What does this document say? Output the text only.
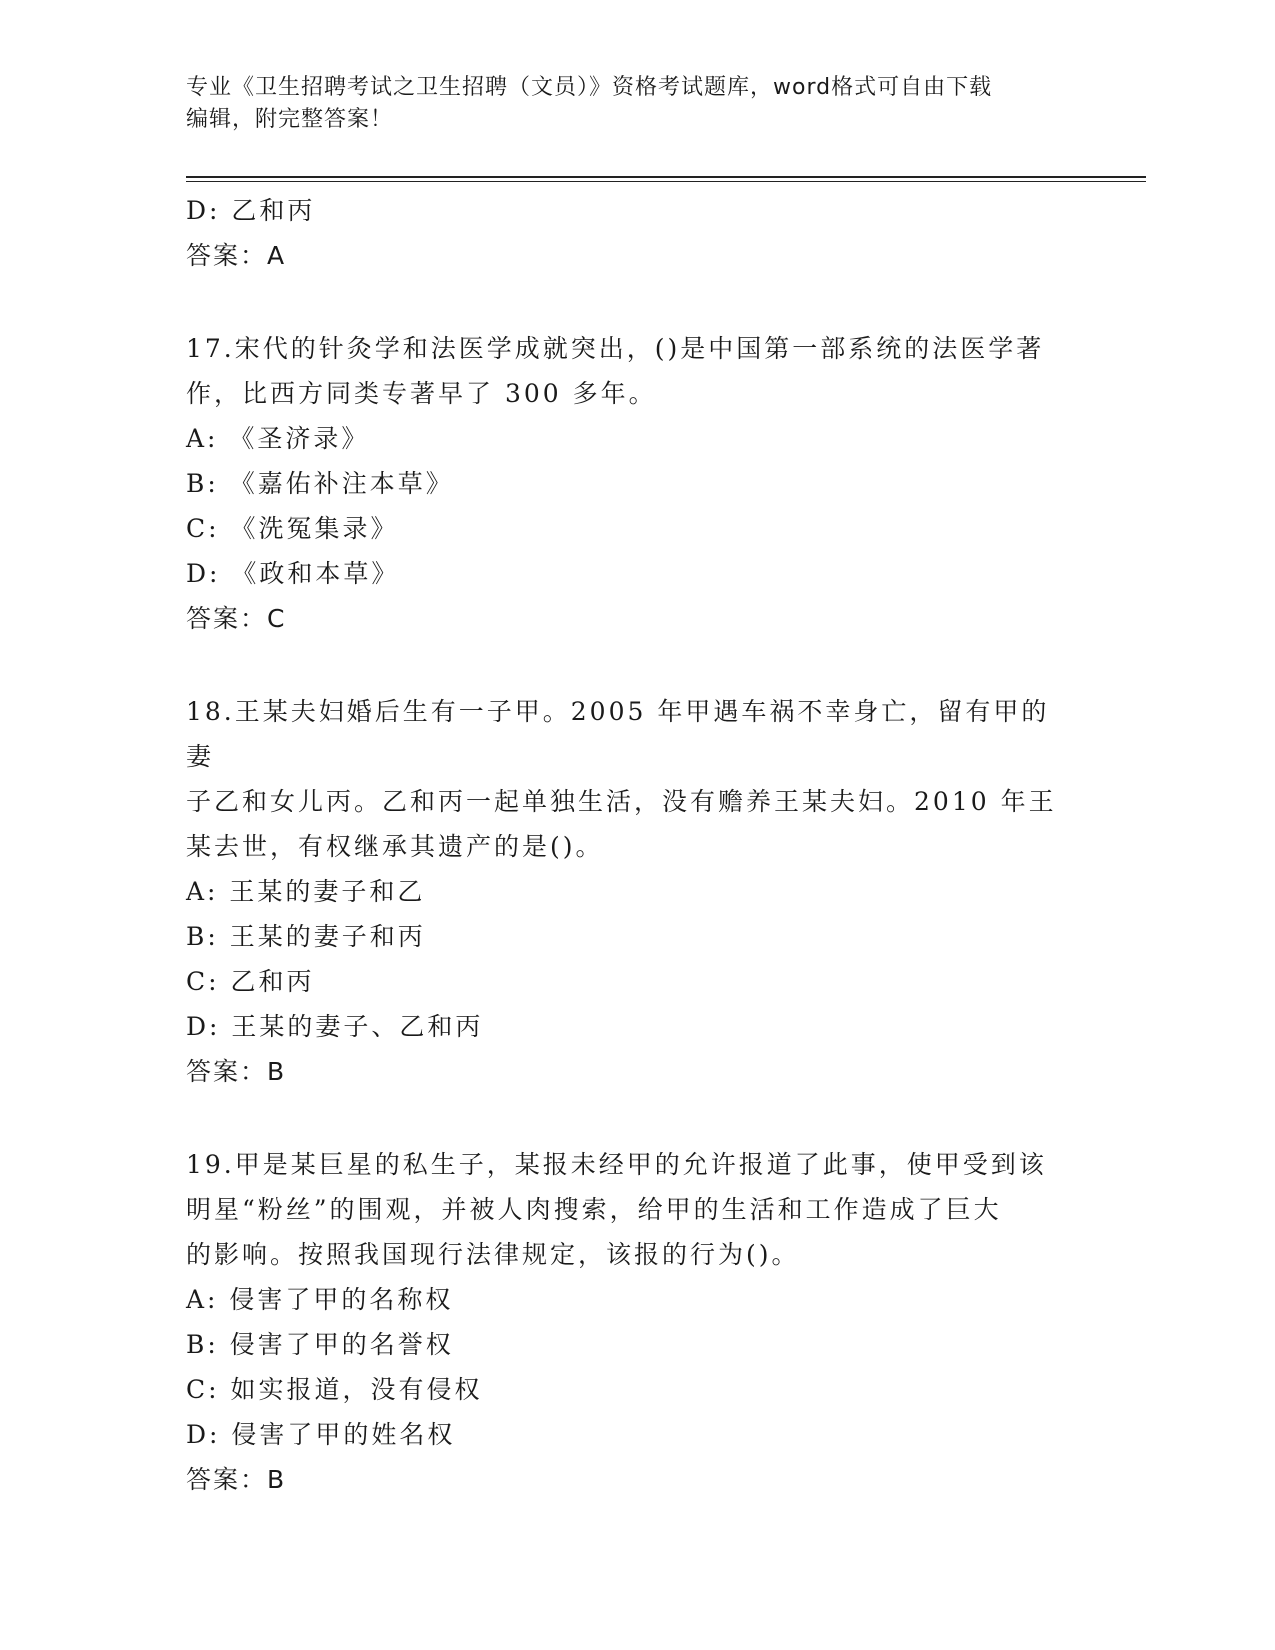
专业《卫生招聘考试之卫生招聘（文员）》资格考试题库，word格式可自由下载
编辑，附完整答案！
D: 乙和丙
答案：A
17.宋代的针灸学和法医学成就突出，()是中国第一部系统的法医学著
作，比西方同类专著早了 300 多年。
A: 《圣济录》
B: 《嘉佑补注本草》
C: 《洗冤集录》
D: 《政和本草》
答案：C
18.王某夫妇婚后生有一子甲。2005 年甲遇车祸不幸身亡，留有甲的妻
子乙和女儿丙。乙和丙一起单独生活，没有赡养王某夫妇。2010 年王
某去世，有权继承其遗产的是()。
A: 王某的妻子和乙
B: 王某的妻子和丙
C: 乙和丙
D: 王某的妻子、乙和丙
答案：B
19.甲是某巨星的私生子，某报未经甲的允许报道了此事，使甲受到该
明星“粉丝”的围观，并被人肉搜索，给甲的生活和工作造成了巨大
的影响。按照我国现行法律规定，该报的行为()。
A: 侵害了甲的名称权
B: 侵害了甲的名誉权
C: 如实报道，没有侵权
D: 侵害了甲的姓名权
答案：B
